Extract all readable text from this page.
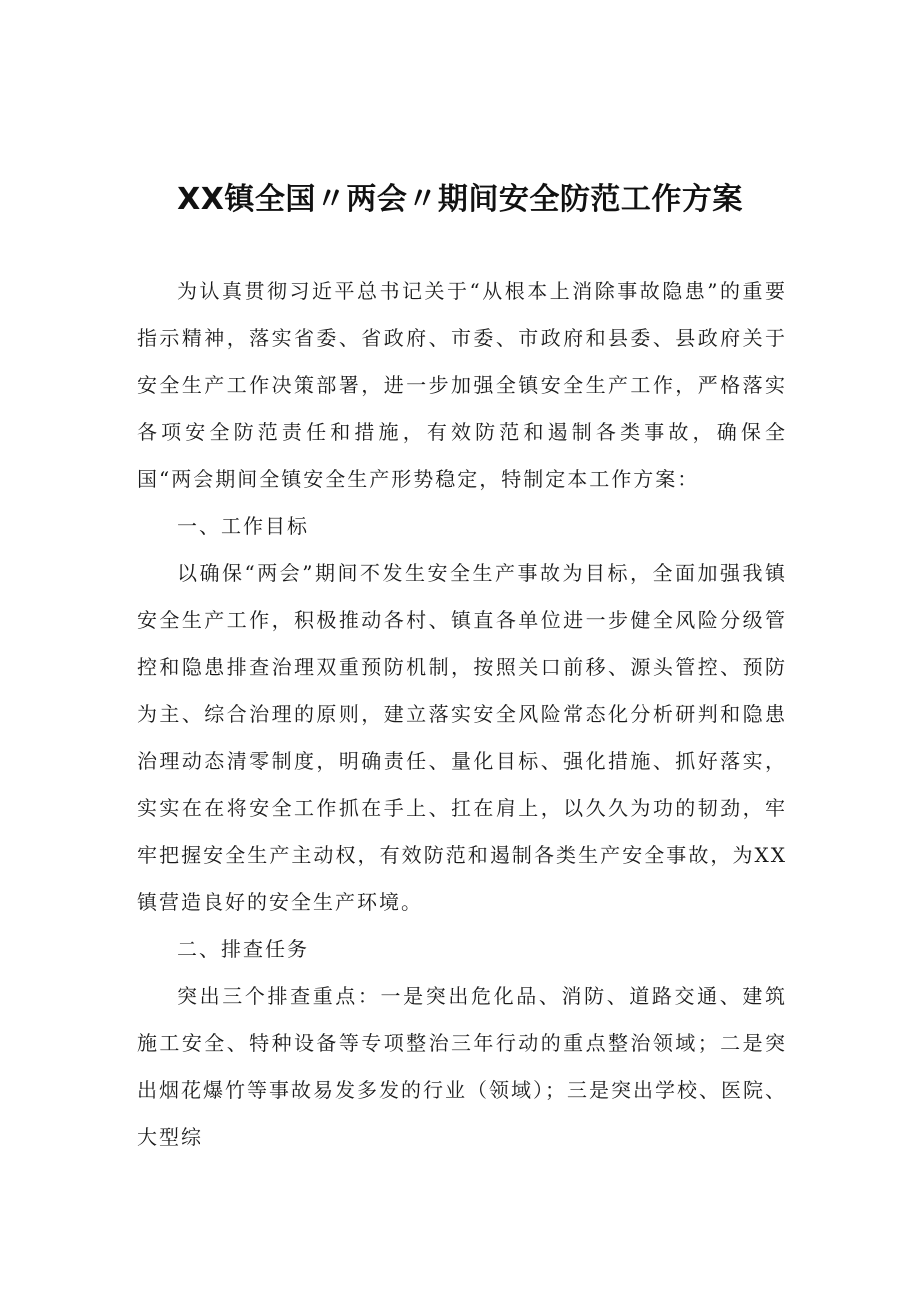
XX镇全国〃两会〃期间安全防范工作方案

为认真贯彻习近平总书记关于“从根本上消除事故隐患”的重要指示精神，落实省委、省政府、市委、市政府和县委、县政府关于安全生产工作决策部署，进一步加强全镇安全生产工作，严格落实各项安全防范责任和措施，有效防范和遏制各类事故，确保全国“两会期间全镇安全生产形势稳定，特制定本工作方案：

一、工作目标

以确保“两会”期间不发生安全生产事故为目标，全面加强我镇安全生产工作，积极推动各村、镇直各单位进一步健全风险分级管控和隐患排查治理双重预防机制，按照关口前移、源头管控、预防为主、综合治理的原则，建立落实安全风险常态化分析研判和隐患治理动态清零制度，明确责任、量化目标、强化措施、抓好落实，实实在在将安全工作抓在手上、扛在肩上，以久久为功的韧劲，牢牢把握安全生产主动权，有效防范和遏制各类生产安全事故，为XX镇营造良好的安全生产环境。

二、排查任务

突出三个排查重点：一是突出危化品、消防、道路交通、建筑施工安全、特种设备等专项整治三年行动的重点整治领域；二是突出烟花爆竹等事故易发多发的行业（领域）；三是突出学校、医院、大型综
